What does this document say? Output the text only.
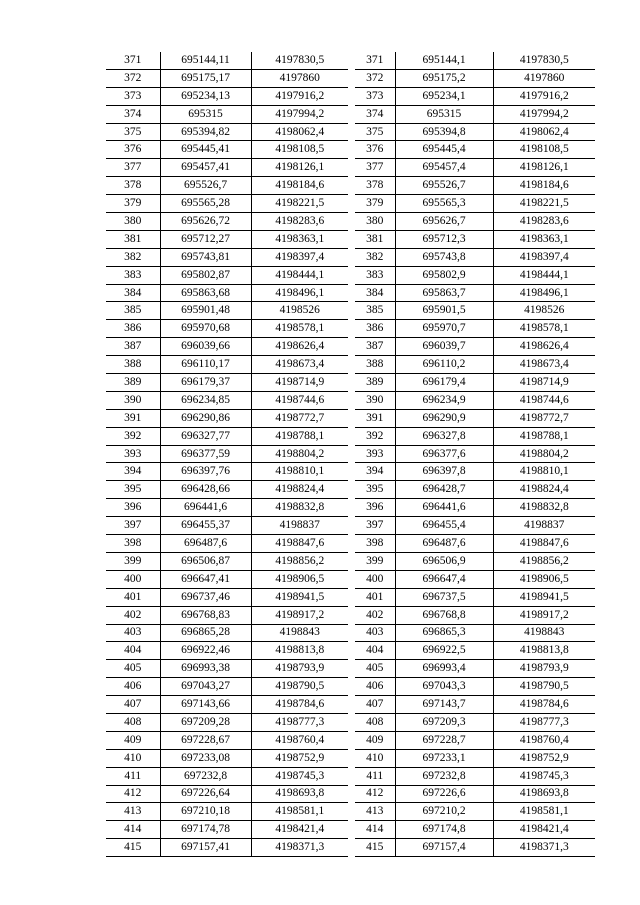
371	695144,11	4197830,5
372	695175,17	4197860
373	695234,13	4197916,2
374	695315	4197994,2
375	695394,82	4198062,4
376	695445,41	4198108,5
377	695457,41	4198126,1
378	695526,7	4198184,6
379	695565,28	4198221,5
380	695626,72	4198283,6
381	695712,27	4198363,1
382	695743,81	4198397,4
383	695802,87	4198444,1
384	695863,68	4198496,1
385	695901,48	4198526
386	695970,68	4198578,1
387	696039,66	4198626,4
388	696110,17	4198673,4
389	696179,37	4198714,9
390	696234,85	4198744,6
391	696290,86	4198772,7
392	696327,77	4198788,1
393	696377,59	4198804,2
394	696397,76	4198810,1
395	696428,66	4198824,4
396	696441,6	4198832,8
397	696455,37	4198837
398	696487,6	4198847,6
399	696506,87	4198856,2
400	696647,41	4198906,5
401	696737,46	4198941,5
402	696768,83	4198917,2
403	696865,28	4198843
404	696922,46	4198813,8
405	696993,38	4198793,9
406	697043,27	4198790,5
407	697143,66	4198784,6
408	697209,28	4198777,3
409	697228,67	4198760,4
410	697233,08	4198752,9
411	697232,8	4198745,3
412	697226,64	4198693,8
413	697210,18	4198581,1
414	697174,78	4198421,4
415	697157,41	4198371,3
371	695144,1	4197830,5
372	695175,2	4197860
373	695234,1	4197916,2
374	695315	4197994,2
375	695394,8	4198062,4
376	695445,4	4198108,5
377	695457,4	4198126,1
378	695526,7	4198184,6
379	695565,3	4198221,5
380	695626,7	4198283,6
381	695712,3	4198363,1
382	695743,8	4198397,4
383	695802,9	4198444,1
384	695863,7	4198496,1
385	695901,5	4198526
386	695970,7	4198578,1
387	696039,7	4198626,4
388	696110,2	4198673,4
389	696179,4	4198714,9
390	696234,9	4198744,6
391	696290,9	4198772,7
392	696327,8	4198788,1
393	696377,6	4198804,2
394	696397,8	4198810,1
395	696428,7	4198824,4
396	696441,6	4198832,8
397	696455,4	4198837
398	696487,6	4198847,6
399	696506,9	4198856,2
400	696647,4	4198906,5
401	696737,5	4198941,5
402	696768,8	4198917,2
403	696865,3	4198843
404	696922,5	4198813,8
405	696993,4	4198793,9
406	697043,3	4198790,5
407	697143,7	4198784,6
408	697209,3	4198777,3
409	697228,7	4198760,4
410	697233,1	4198752,9
411	697232,8	4198745,3
412	697226,6	4198693,8
413	697210,2	4198581,1
414	697174,8	4198421,4
415	697157,4	4198371,3
